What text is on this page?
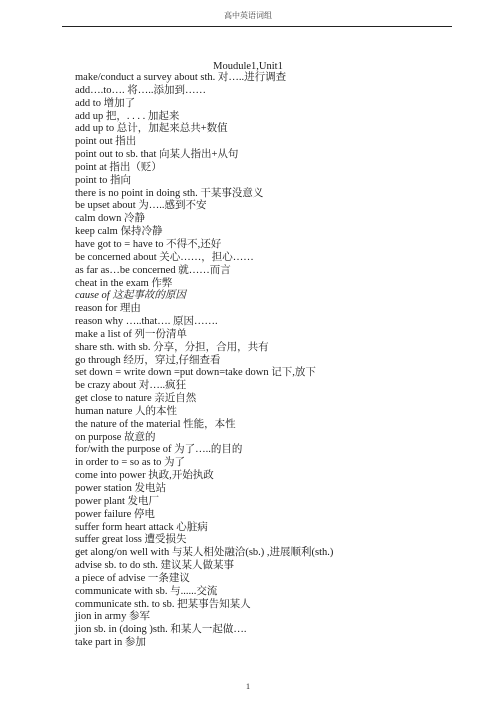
高中英语词组
Moudule1,Unit1
make/conduct a survey about sth. 对…..进行调查
add….to…. 将…..添加到……
add to 增加了
add up 把，. . . . 加起来
add up to 总计，加起来总共+数值
point out 指出
point out to sb. that 向某人指出+从句
point at 指出（贬）
point to 指向
there is no point in doing sth. 干某事没意义
be upset about 为…..感到不安
calm down 冷静
keep calm 保持冷静
have got to = have to 不得不,还好
be concerned about 关心……，担心……
as far as…be concerned 就……而言
cheat in the exam 作弊
cause of 这起事故的原因
reason for 理由
reason why …..that…. 原因…….
make a list of 列一份清单
share sth. with sb. 分享，分担，合用，共有
go through 经历，穿过,仔细查看
set down = write down =put down=take down 记下,放下
be crazy about 对…..疯狂
get close to nature 亲近自然
human nature 人的本性
the nature of the material 性能，本性
on purpose 故意的
for/with the purpose of 为了…..的目的
in order to = so as to 为了
come into power 执政,开始执政
power station 发电站
power plant 发电厂
power failure 停电
suffer form heart attack 心脏病
suffer great loss 遭受损失
get along/on well with 与某人相处融洽(sb.) ,进展顺利(sth.)
advise sb. to do sth. 建议某人做某事
a piece of advise 一条建议
communicate with sb. 与......交流
communicate sth. to sb. 把某事告知某人
jion in army 参军
jion sb. in (doing )sth. 和某人一起做….
take part in 参加
1
